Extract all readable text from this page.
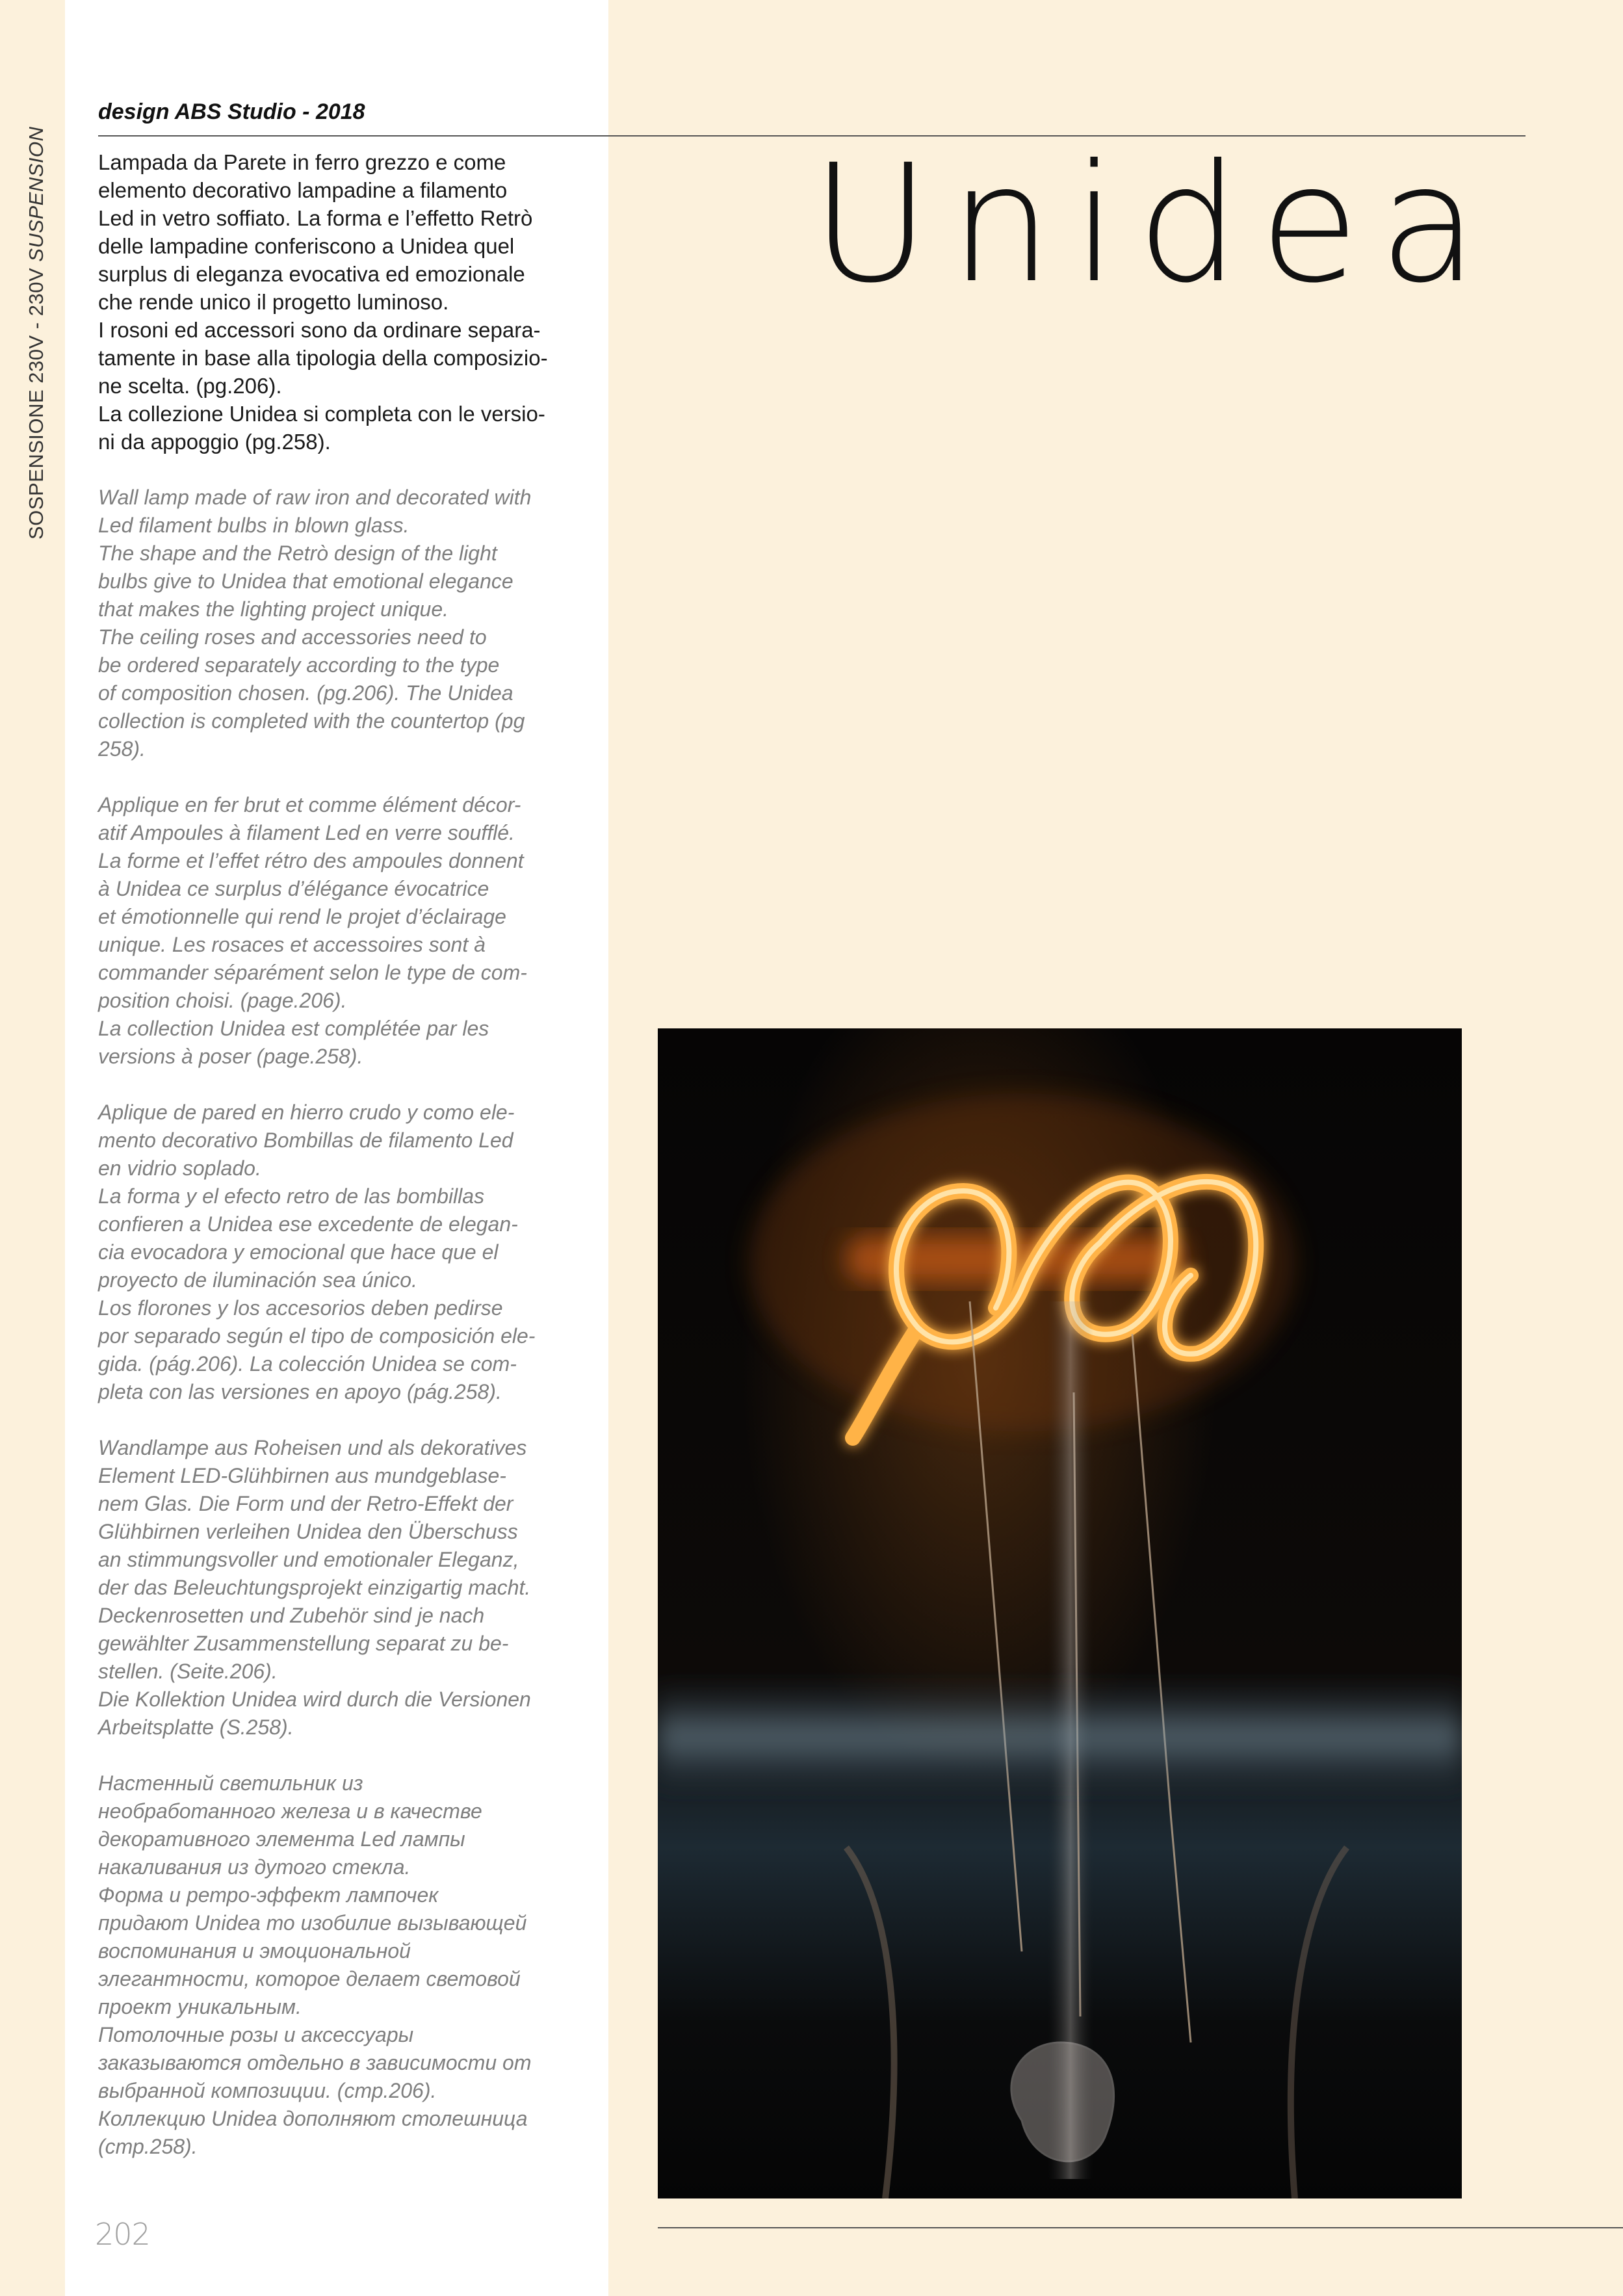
SOSPENSIONE 230V - 230V SUSPENSION
design ABS Studio - 2018
Unidea

Lampada da Parete in ferro grezzo e come
elemento decorativo lampadine a filamento
Led in vetro soffiato. La forma e l’effetto Retrò
delle lampadine conferiscono a Unidea quel
surplus di eleganza evocativa ed emozionale
che rende unico il progetto luminoso.
I rosoni ed accessori sono da ordinare separa-
tamente in base alla tipologia della composizio-
ne scelta. (pg.206).
La collezione Unidea si completa con le versio-
ni da appoggio (pg.258).

Wall lamp made of raw iron and decorated with
Led filament bulbs in blown glass.
The shape and the Retrò design of the light
bulbs give to Unidea that emotional elegance
that makes the lighting project unique.
The ceiling roses and accessories need to
be ordered separately according to the type
of composition chosen. (pg.206). The Unidea
collection is completed with the countertop (pg
258).

Applique en fer brut et comme élément décor-
atif Ampoules à filament Led en verre soufflé.
La forme et l’effet rétro des ampoules donnent
à Unidea ce surplus d’élégance évocatrice
et émotionnelle qui rend le projet d’éclairage
unique. Les rosaces et accessoires sont à
commander séparément selon le type de com-
position choisi. (page.206).
La collection Unidea est complétée par les
versions à poser (page.258).

Aplique de pared en hierro crudo y como ele-
mento decorativo Bombillas de filamento Led
en vidrio soplado.
La forma y el efecto retro de las bombillas
confieren a Unidea ese excedente de elegan-
cia evocadora y emocional que hace que el
proyecto de iluminación sea único.
Los florones y los accesorios deben pedirse
por separado según el tipo de composición ele-
gida. (pág.206). La colección Unidea se com-
pleta con las versiones en apoyo (pág.258).

Wandlampe aus Roheisen und als dekoratives
Element LED-Glühbirnen aus mundgeblase-
nem Glas. Die Form und der Retro-Effekt der
Glühbirnen verleihen Unidea den Überschuss
an stimmungsvoller und emotionaler Eleganz,
der das Beleuchtungsprojekt einzigartig macht.
Deckenrosetten und Zubehör sind je nach
gewählter Zusammenstellung separat zu be-
stellen. (Seite.206).
Die Kollektion Unidea wird durch die Versionen
Arbeitsplatte (S.258).

Настенный светильник из
необработанного железа и в качестве
декоративного элемента Led лампы
накаливания из дутого стекла.
Форма и ретро-эффект лампочек
придают Unidea то изобилие вызывающей
воспоминания и эмоциональной
элегантности, которое делает световой
проект уникальным.
Потолочные розы и аксессуары
заказываются отдельно в зависимости от
выбранной композиции. (стр.206).
Коллекцию Unidea дополняют столешница
(стр.258).

202
